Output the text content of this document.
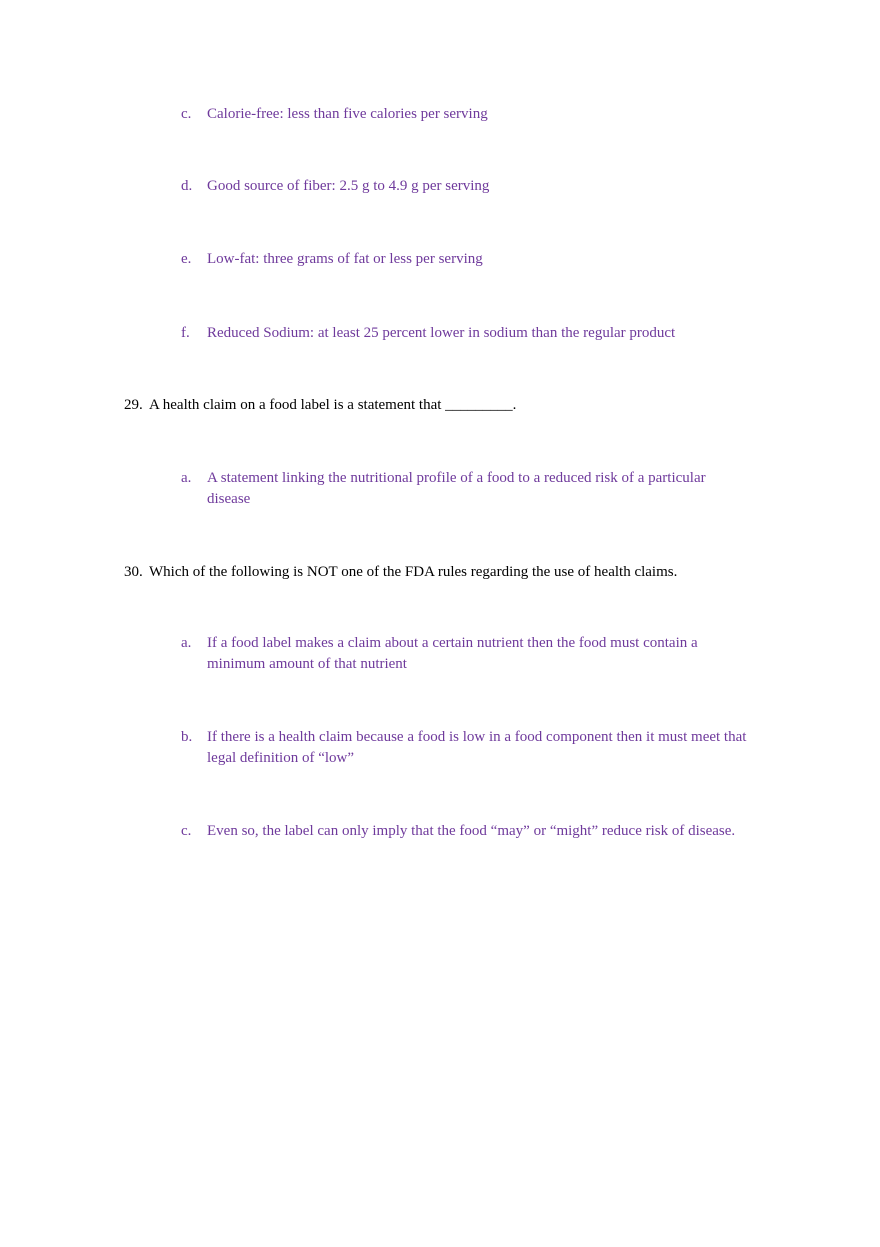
c.	Calorie-free: less than five calories per serving
d. Good source of fiber: 2.5 g to 4.9 g per serving
e.	Low-fat: three grams of fat or less per serving
f.	Reduced Sodium: at least 25 percent lower in sodium than the regular product
29. A health claim on a food label is a statement that _________.
a.	A statement linking the nutritional profile of a food to a reduced risk of a particular disease
30. Which of the following is NOT one of the FDA rules regarding the use of health claims.
a.	If a food label makes a claim about a certain nutrient then the food must contain a minimum amount of that nutrient
b. If there is a health claim because a food is low in a food component then it must meet that legal definition of “low”
c.	Even so, the label can only imply that the food “may” or “might” reduce risk of disease.
